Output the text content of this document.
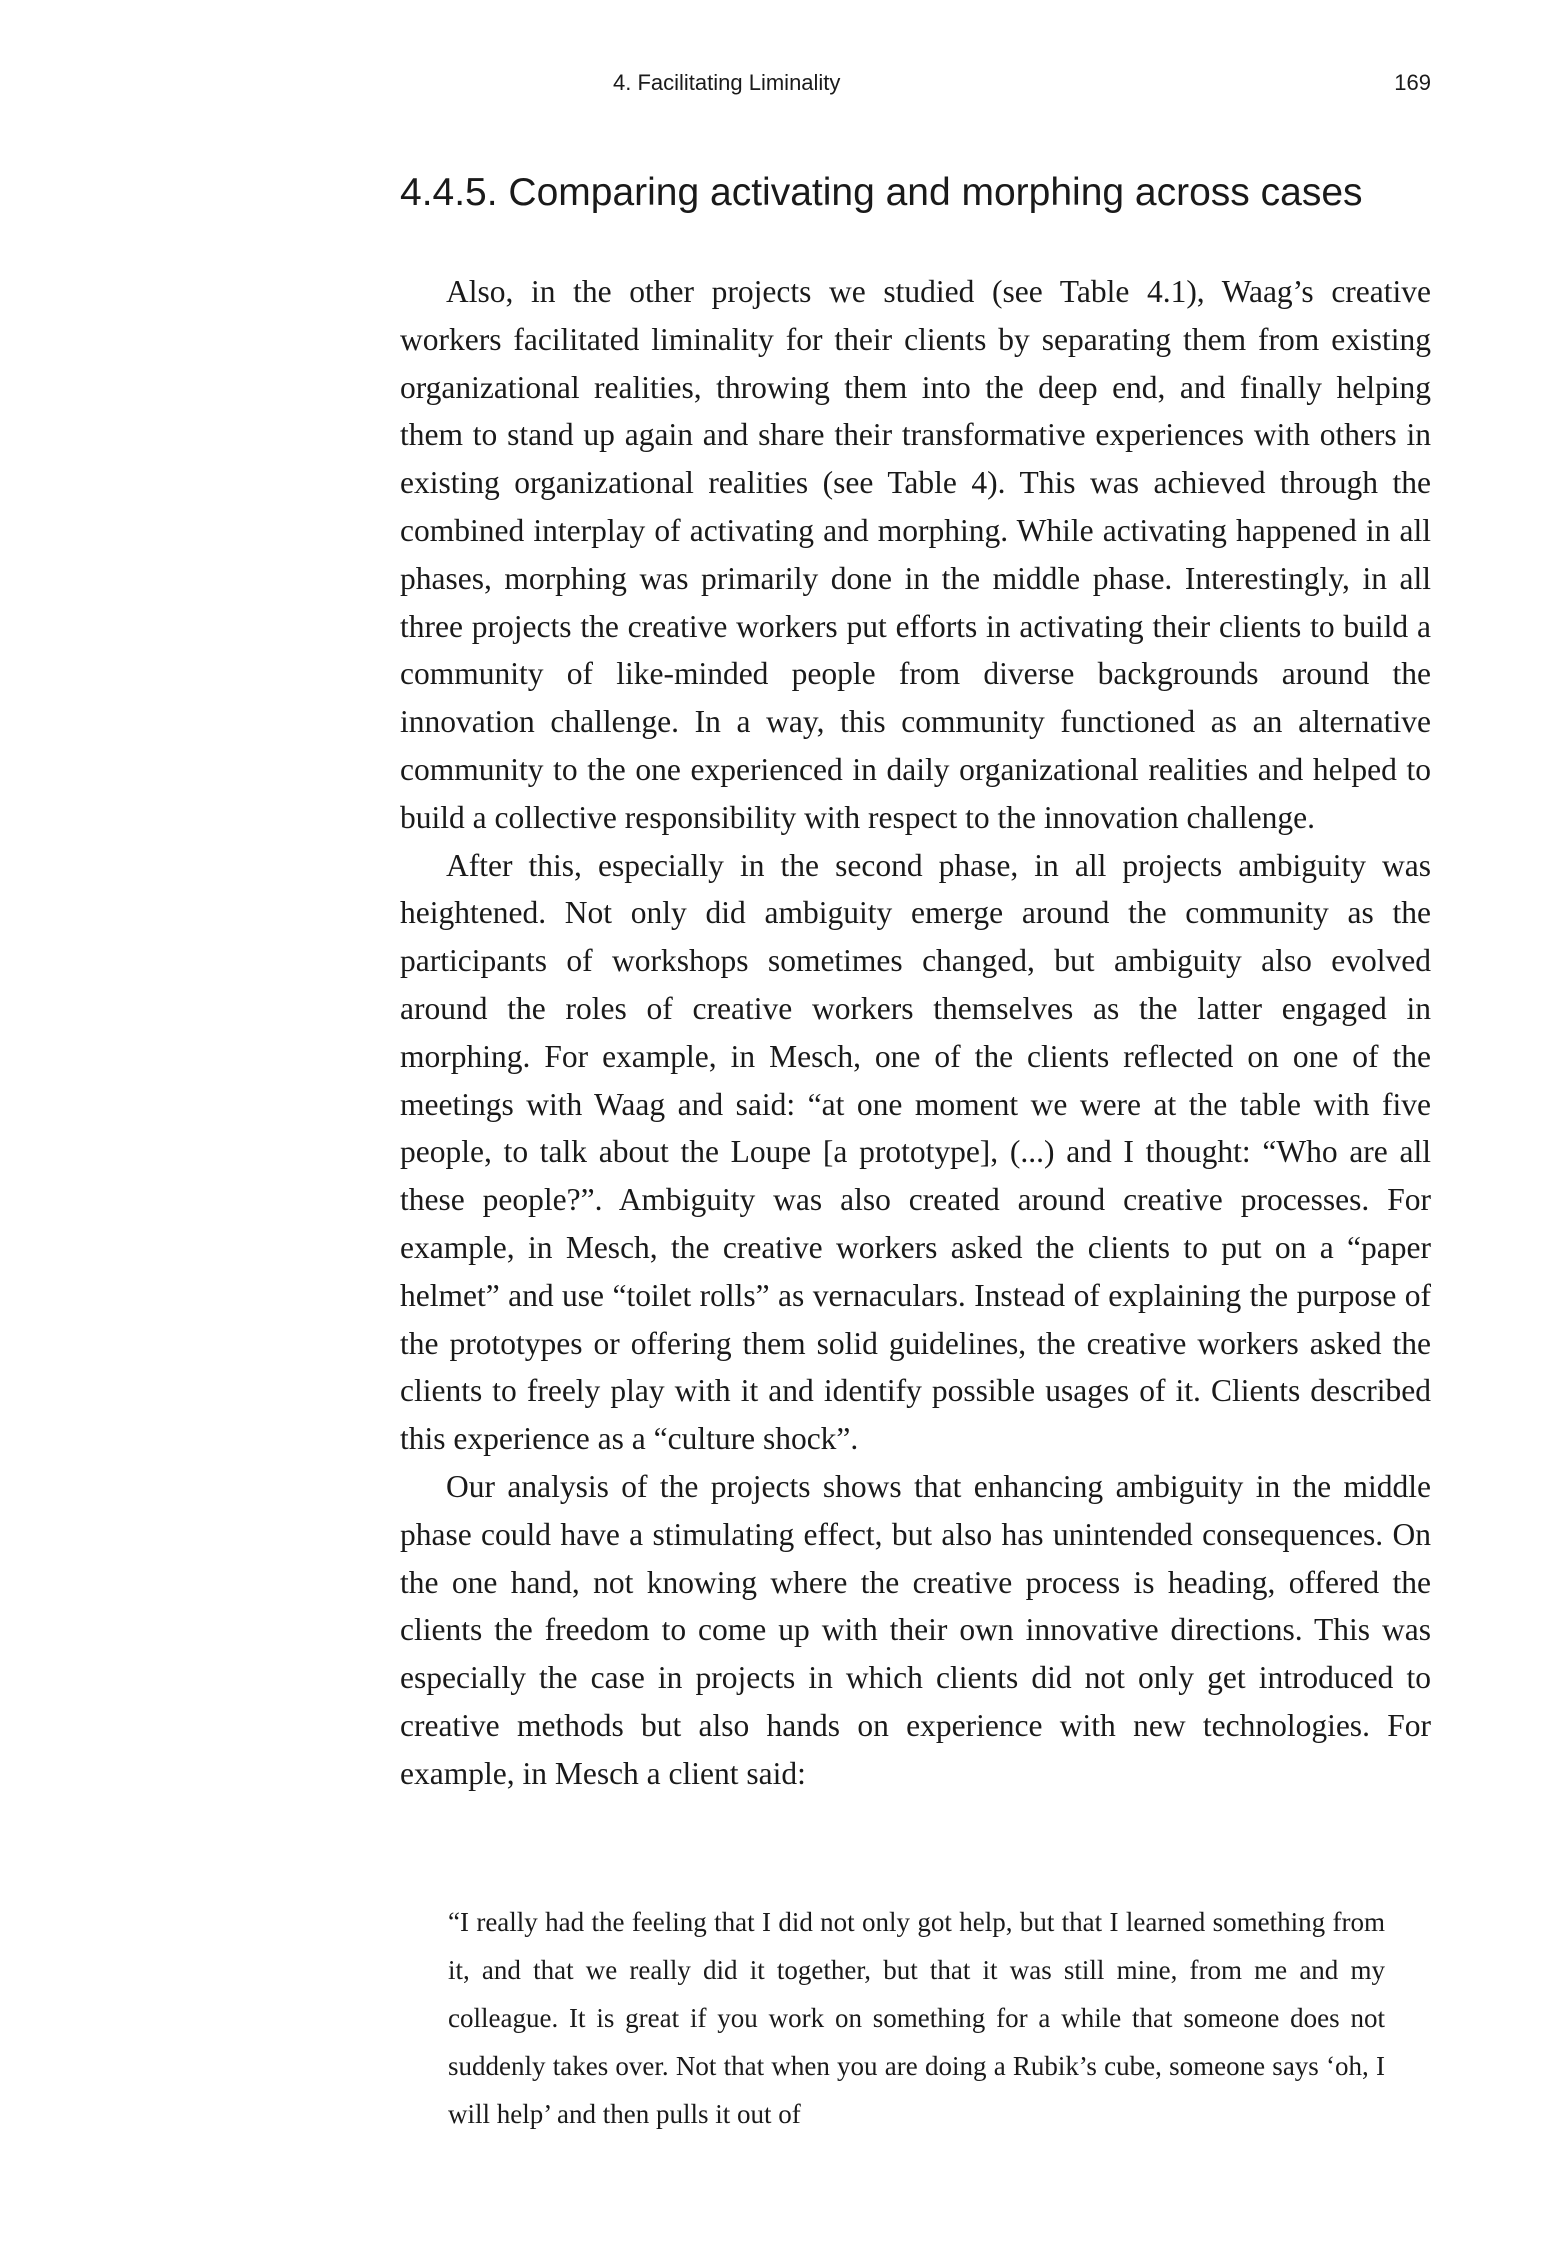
4. Facilitating Liminality	169
4.4.5. Comparing activating and morphing across cases

Also, in the other projects we studied (see Table 4.1), Waag’s creative workers facilitated liminality for their clients by separating them from existing organizational realities, throwing them into the deep end, and finally helping them to stand up again and share their transformative experiences with others in existing organizational realities (see Table 4). This was achieved through the combined interplay of activating and morphing. While activating happened in all phases, morphing was primarily done in the middle phase. Interestingly, in all three projects the creative workers put efforts in activating their clients to build a community of like-minded people from diverse backgrounds around the innovation challenge. In a way, this community functioned as an alternative community to the one experienced in daily organizational realities and helped to build a collective responsibility with respect to the innovation challenge.

After this, especially in the second phase, in all projects ambiguity was heightened. Not only did ambiguity emerge around the community as the participants of workshops sometimes changed, but ambiguity also evolved around the roles of creative workers themselves as the latter engaged in morphing. For example, in Mesch, one of the clients reflected on one of the meetings with Waag and said: “at one moment we were at the table with five people, to talk about the Loupe [a prototype], (...) and I thought: “Who are all these people?”. Ambiguity was also created around creative processes. For example, in Mesch, the creative workers asked the clients to put on a “paper helmet” and use “toilet rolls” as vernaculars. Instead of explaining the purpose of the prototypes or offering them solid guidelines, the creative workers asked the clients to freely play with it and identify possible usages of it. Clients described this experience as a “culture shock”.

Our analysis of the projects shows that enhancing ambiguity in the middle phase could have a stimulating effect, but also has unintended consequences. On the one hand, not knowing where the creative process is heading, offered the clients the freedom to come up with their own innovative directions. This was especially the case in projects in which clients did not only get introduced to creative methods but also hands on experience with new technologies. For example, in Mesch a client said:

“I really had the feeling that I did not only got help, but that I learned something from it, and that we really did it together, but that it was still mine, from me and my colleague. It is great if you work on something for a while that someone does not suddenly takes over. Not that when you are doing a Rubik’s cube, someone says ‘oh, I will help’ and then pulls it out of
